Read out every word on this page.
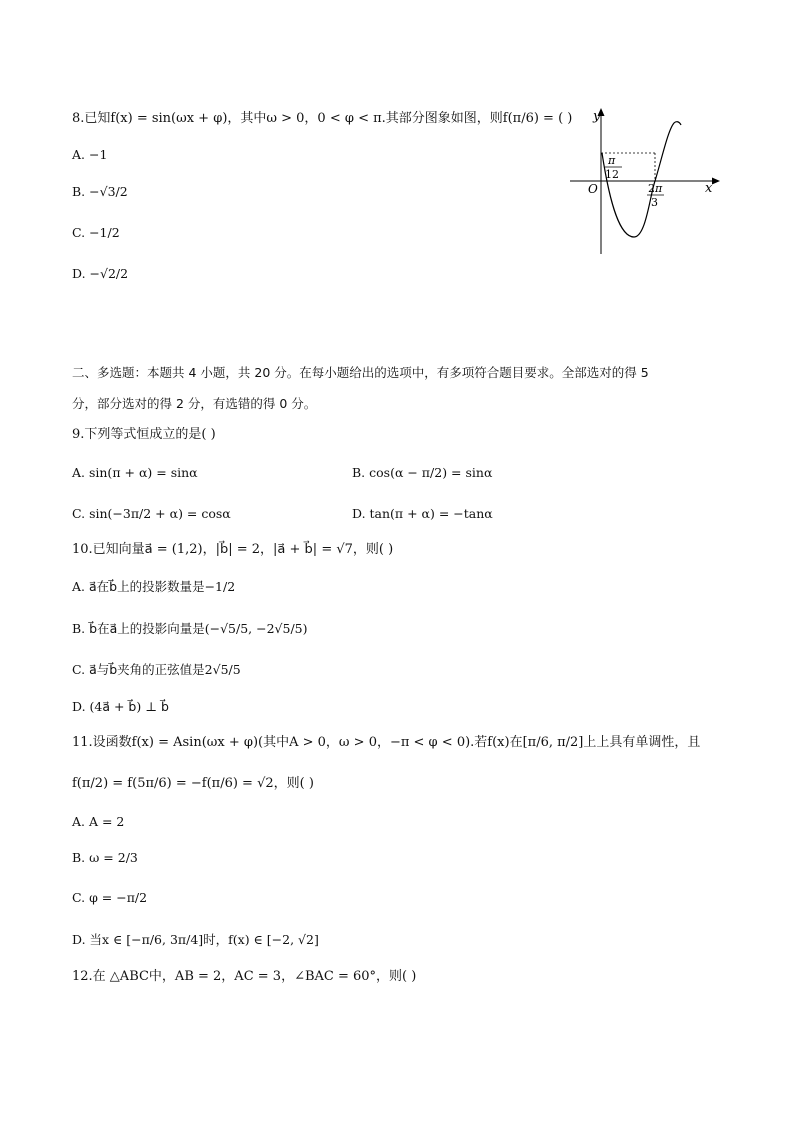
8.已知f(x) = sin(ωx + φ)，其中ω > 0，0 < φ < π.其部分图象如图，则f(π/6) = ( )
A. −1
B. −√3/2
C. −1/2
D. −√2/2
y
x
O
π
12
2 π
3
二、多选题：本题共 4 小题，共 20 分。在每小题给出的选项中，有多项符合题目要求。全部选对的得 5
分，部分选对的得 2 分，有选错的得 0 分。
9.下列等式恒成立的是( )
A. sin(π + α) = sinα	B. cos(α − π/2) = sinα
C. sin(−3π/2 + α) = cosα	D. tan(π + α) = −tanα
10.已知向量a⃗ = (1,2)，|b⃗| = 2，|a⃗ + b⃗| = √7，则( )
A. a⃗在b⃗上的投影数量是−1/2
B. b⃗在a⃗上的投影向量是(−√5/5, −2√5/5)
C. a⃗与b⃗夹角的正弦值是2√5/5
D. (4a⃗ + b⃗) ⊥ b⃗
11.设函数f(x) = Asin(ωx + φ)(其中A > 0，ω > 0，−π < φ < 0).若f(x)在[π/6, π/2]上上具有单调性，且
f(π/2) = f(5π/6) = −f(π/6) = √2，则( )
A. A = 2
B. ω = 2/3
C. φ = −π/2
D. 当x ∈ [−π/6, 3π/4]时，f(x) ∈ [−2, √2]
12.在 △ABC中，AB = 2，AC = 3，∠BAC = 60°，则( )
